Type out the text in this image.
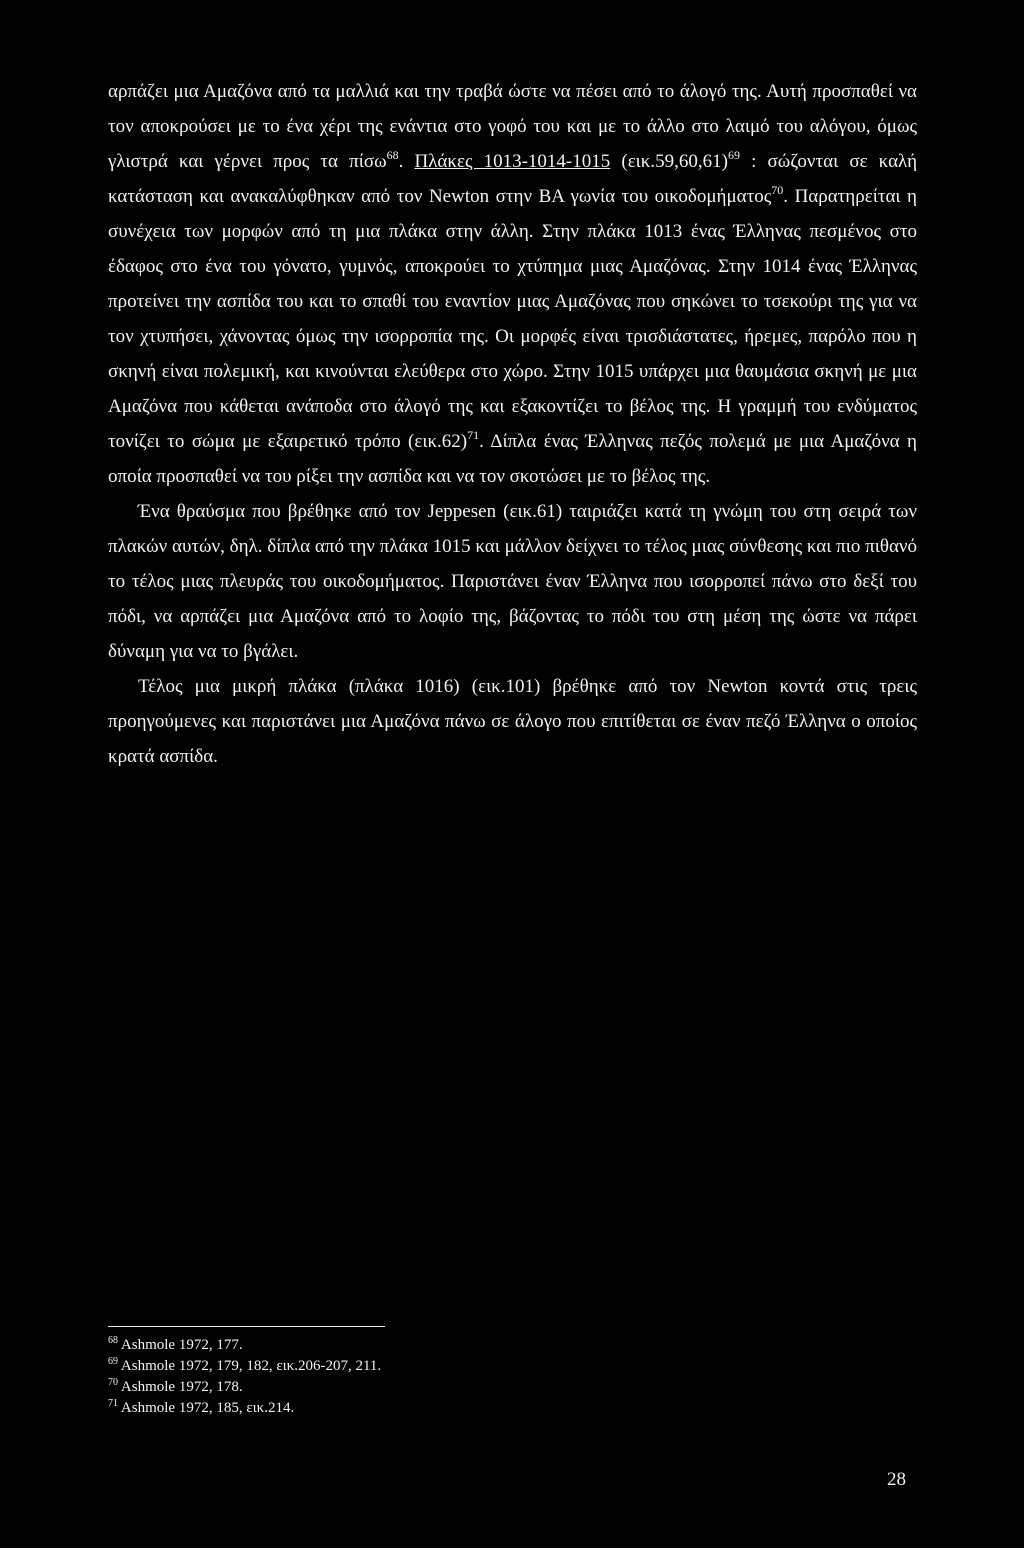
αρπάζει μια Αμαζόνα από τα μαλλιά και την τραβά ώστε να πέσει από το άλογό της. Αυτή προσπαθεί να τον αποκρούσει με το ένα χέρι της ενάντια στο γοφό του και με το άλλο στο λαιμό του αλόγου, όμως γλιστρά και γέρνει προς τα πίσω$^{68}$. Πλάκες 1013-1014-1015 $(\varepsilon\iota\kappa.59,60,61)^{69}$ : σώζονται σε καλή κατάσταση και ανακαλύφθηκαν από τον Newton στην ΒΑ γωνία του οικοδομήματος$^{70}$. Παρατηρείται η συνέχεια των μορφών από τη μια πλάκα στην άλλη. Στην πλάκα 1013 ένας Έλληνας πεσμένος στο έδαφος στο ένα του γόνατο, γυμνός, αποκρούει το χτύπημα μιας Αμαζόνας. Στην 1014 ένας Έλληνας προτείνει την ασπίδα του και το σπαθί του εναντίον μιας Αμαζόνας που σηκώνει το τσεκούρι της για να τον χτυπήσει, χάνοντας όμως την ισορροπία της. Οι μορφές είναι τρισδιάστατες, ήρεμες, παρόλο που η σκηνή είναι πολεμική, και κινούνται ελεύθερα στο χώρο. Στην 1015 υπάρχει μια θαυμάσια σκηνή με μια Αμαζόνα που κάθεται ανάποδα στο άλογό της και εξακοντίζει το βέλος της. Η γραμμή του ενδύματος τονίζει το σώμα με εξαιρετικό τρόπο $(\varepsilon\iota\kappa.62)^{71}$. Δίπλα ένας Έλληνας πεζός πολεμά με μια Αμαζόνα η οποία προσπαθεί να του ρίξει την ασπίδα και να τον σκοτώσει με το βέλος της.

Ένα θραύσμα που βρέθηκε από τον Jeppesen (εικ.61) ταιριάζει κατά τη γνώμη του στη σειρά των πλακών αυτών, δηλ. δίπλα από την πλάκα 1015 και μάλλον δείχνει το τέλος μιας σύνθεσης και πιο πιθανό το τέλος μιας πλευράς του οικοδομήματος. Παριστάνει έναν Έλληνα που ισορροπεί πάνω στο δεξί του πόδι, να αρπάζει μια Αμαζόνα από το λοφίο της, βάζοντας το πόδι του στη μέση της ώστε να πάρει δύναμη για να το βγάλει.

Τέλος μια μικρή πλάκα (πλάκα 1016) (εικ.101) βρέθηκε από τον Newton κοντά στις τρεις προηγούμενες και παριστάνει μια Αμαζόνα πάνω σε άλογο που επιτίθεται σε έναν πεζό Έλληνα ο οποίος κρατά ασπίδα.

$^{68}$ Ashmole 1972, 177.

$^{69}$ Ashmole 1972, 179, 182, εικ.206-207, 211.

$^{70}$ Ashmole 1972, 178.

$^{71}$ Ashmole 1972, 185, εικ.214.

28
